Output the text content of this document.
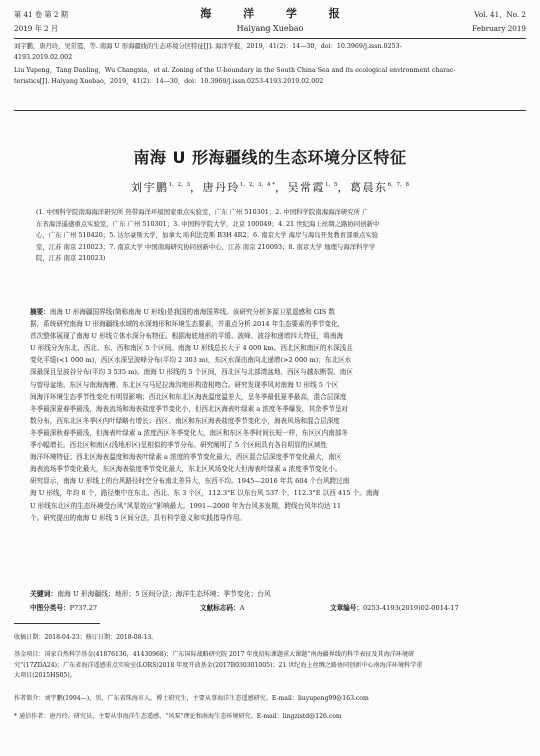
第 41 卷 第 2 期	海 洋 学 报	Vol. 41，No. 2
2019 年 2 月	Haiyang Xuebao	February 2019
刘宇鹏，唐丹玲，吴常霞，等. 南海 U 形海疆线的生态环境分区特征[J]. 海洋学报，2019，41(2)：14—30，doi：10.3969/j.issn.0253-
4193.2019.02.002
Liu Yupeng，Tang Danling，Wu Changxia，et al. Zoning of the U-boundary in the South China Sea and its ecological environment charac-
teristics[J]. Haiyang Xuebao，2019，41(2)：14—30，doi：10.3969/j.issn.0253-4193.2019.02.002
南海 U 形海疆线的生态环境分区特征
刘宇鹏$^{1,2,3}$，唐丹玲$^{1,2,3,4 *}$，吴常霞$^{1,5}$，葛晨东$^{6,7,8}$
(1. 中国科学院南海海洋研究所 热带海洋环境国家重点实验室，广东 广州 510301；2. 中国科学院南海海洋研究所 广
东省海洋遥感重点实验室，广东 广州 510301；3. 中国科学院大学，北京 100049；4. 21 世纪海上丝绸之路协同创新中
心，广东 广州 510420；5. 达尔豪斯大学，加拿大 哈利法克斯 B3H 4R2；6. 南京大学 海岸与海岛开发教育部重点实验
室，江苏 南京 210023；7. 南京大学 中国南海研究协同创新中心，江苏 南京 210093；8. 南京大学 地理与海洋科学学
院，江苏 南京 210023)
摘要：南海 U 形海疆国界线(简称南海 U 形线)是我国的南海国界线。该研究分析多源卫星遥感和 GIS 数
据，系统研究南海 U 形海疆线水域的水深地形和环境生态要素，并重点分析 2014 年生态要素的季节变化，
首次整体展现了南海 U 形线立体水深分布特征。根据海底地形的平缓、波峰、波谷和递增四大特征，将南海
U 形线分为东北、西北、东、西和南区 5 个区间。南海 U 形线总长大于 4 000 km。西北区和南区的水深浅且
变化平缓(<1 000 m)，西区水深呈波峰分布(平均 2 303 m)，东区水深由南向北递增(>2 000 m)；东北区水
深最深且呈波谷分布(平均 3 535 m)。南海 U 形线的 5 个区间，西北区与北部湾盆地、西区与越东断裂、南区
与曾母盆地、东区与南海海槽、东北区与马尼拉海沟地形构造相吻合。研究发现季风对南海 U 形线 5 个区
间海洋环境生态季节性变化有明显影响；西北区和东北区海表温度温差大，呈冬季最低夏季最高，混合层深度
冬季最深夏春季最浅，海表流场和海表盐度季节变化小，但西北区海表叶绿素 a 浓度冬季爆发，其余季节呈对
数分布，西东北区冬季区内叶绿略有增长；西区、南区和东区海表盐度季节变化小，海表风场和混合层深度
冬季最深秋春季最浅，但海表叶绿素 a 浓度西区冬季变化大，南区和东区冬季时间长短一样，东区区内南部冬
季小幅增长。西北区和南区(浅地形区)呈相似的季节分布。研究阐明了 5 个区间具有各自明显的区域性
海洋环境特征；西北区海表温度和海表叶绿素 a 浓度的季节变化最大，西区混合层深度季节变化最大，南区
海表流场季节变化最大，东区海表盐度季节变化最大，东北区风场变化大但海表叶绿素 a 浓度季节变化小。
研究显示，南海 U 形线上的台风路径时空分布南北差异大，东西不均。1945—2016 年共 604 个台风跨过南
海 U 形线，年均 8 个，路径集中在东北、西北、东 3 个区，112.3°E 以东台风 537 个，112.3°E 以西 415 个。南海
U 形线东北区的生态环境受台风“风泵效应”影响最大。1991—2000 年为台风多发期，跨线台风年均达 11
个。研究提出的南海 U 形线 5 区间分法，具有科学意义和实践指导作用。
关键词：南海 U 形海疆线；地形；5 区间分法；海洋生态环境；季节变化；台风
中图分类号：P737.27	文献标志码：A	文章编号：0253-4193(2019)02-0014-17
收稿日期：2018-04-23；修订日期：2018-08-13。
基金项目：国家自然科学基金(41876136，41430968)；广东国际战略研究院 2017 年度招标课题重大课题“南海疆界线的科学表征及其海洋环境研
究”(17ZDA24)；广东省海洋遥感重点实验室(LORS)2018 年度开放基金(2017B030301005)；21 世纪海上丝绸之路协同创新中心南海洋环境科学重
大项目(2015HS05)。
作者简介：刘宇鹏(1994—)，男，广东省珠海市人，博士研究生，主要从事海洋生态遥感研究。E-mail：liuyupeng99@163.com
* 通信作者：唐丹玲，研究员，主要从事海洋生态遥感、“风泵”理论和南海生态环境研究。E-mail：lingzistd@126.com
